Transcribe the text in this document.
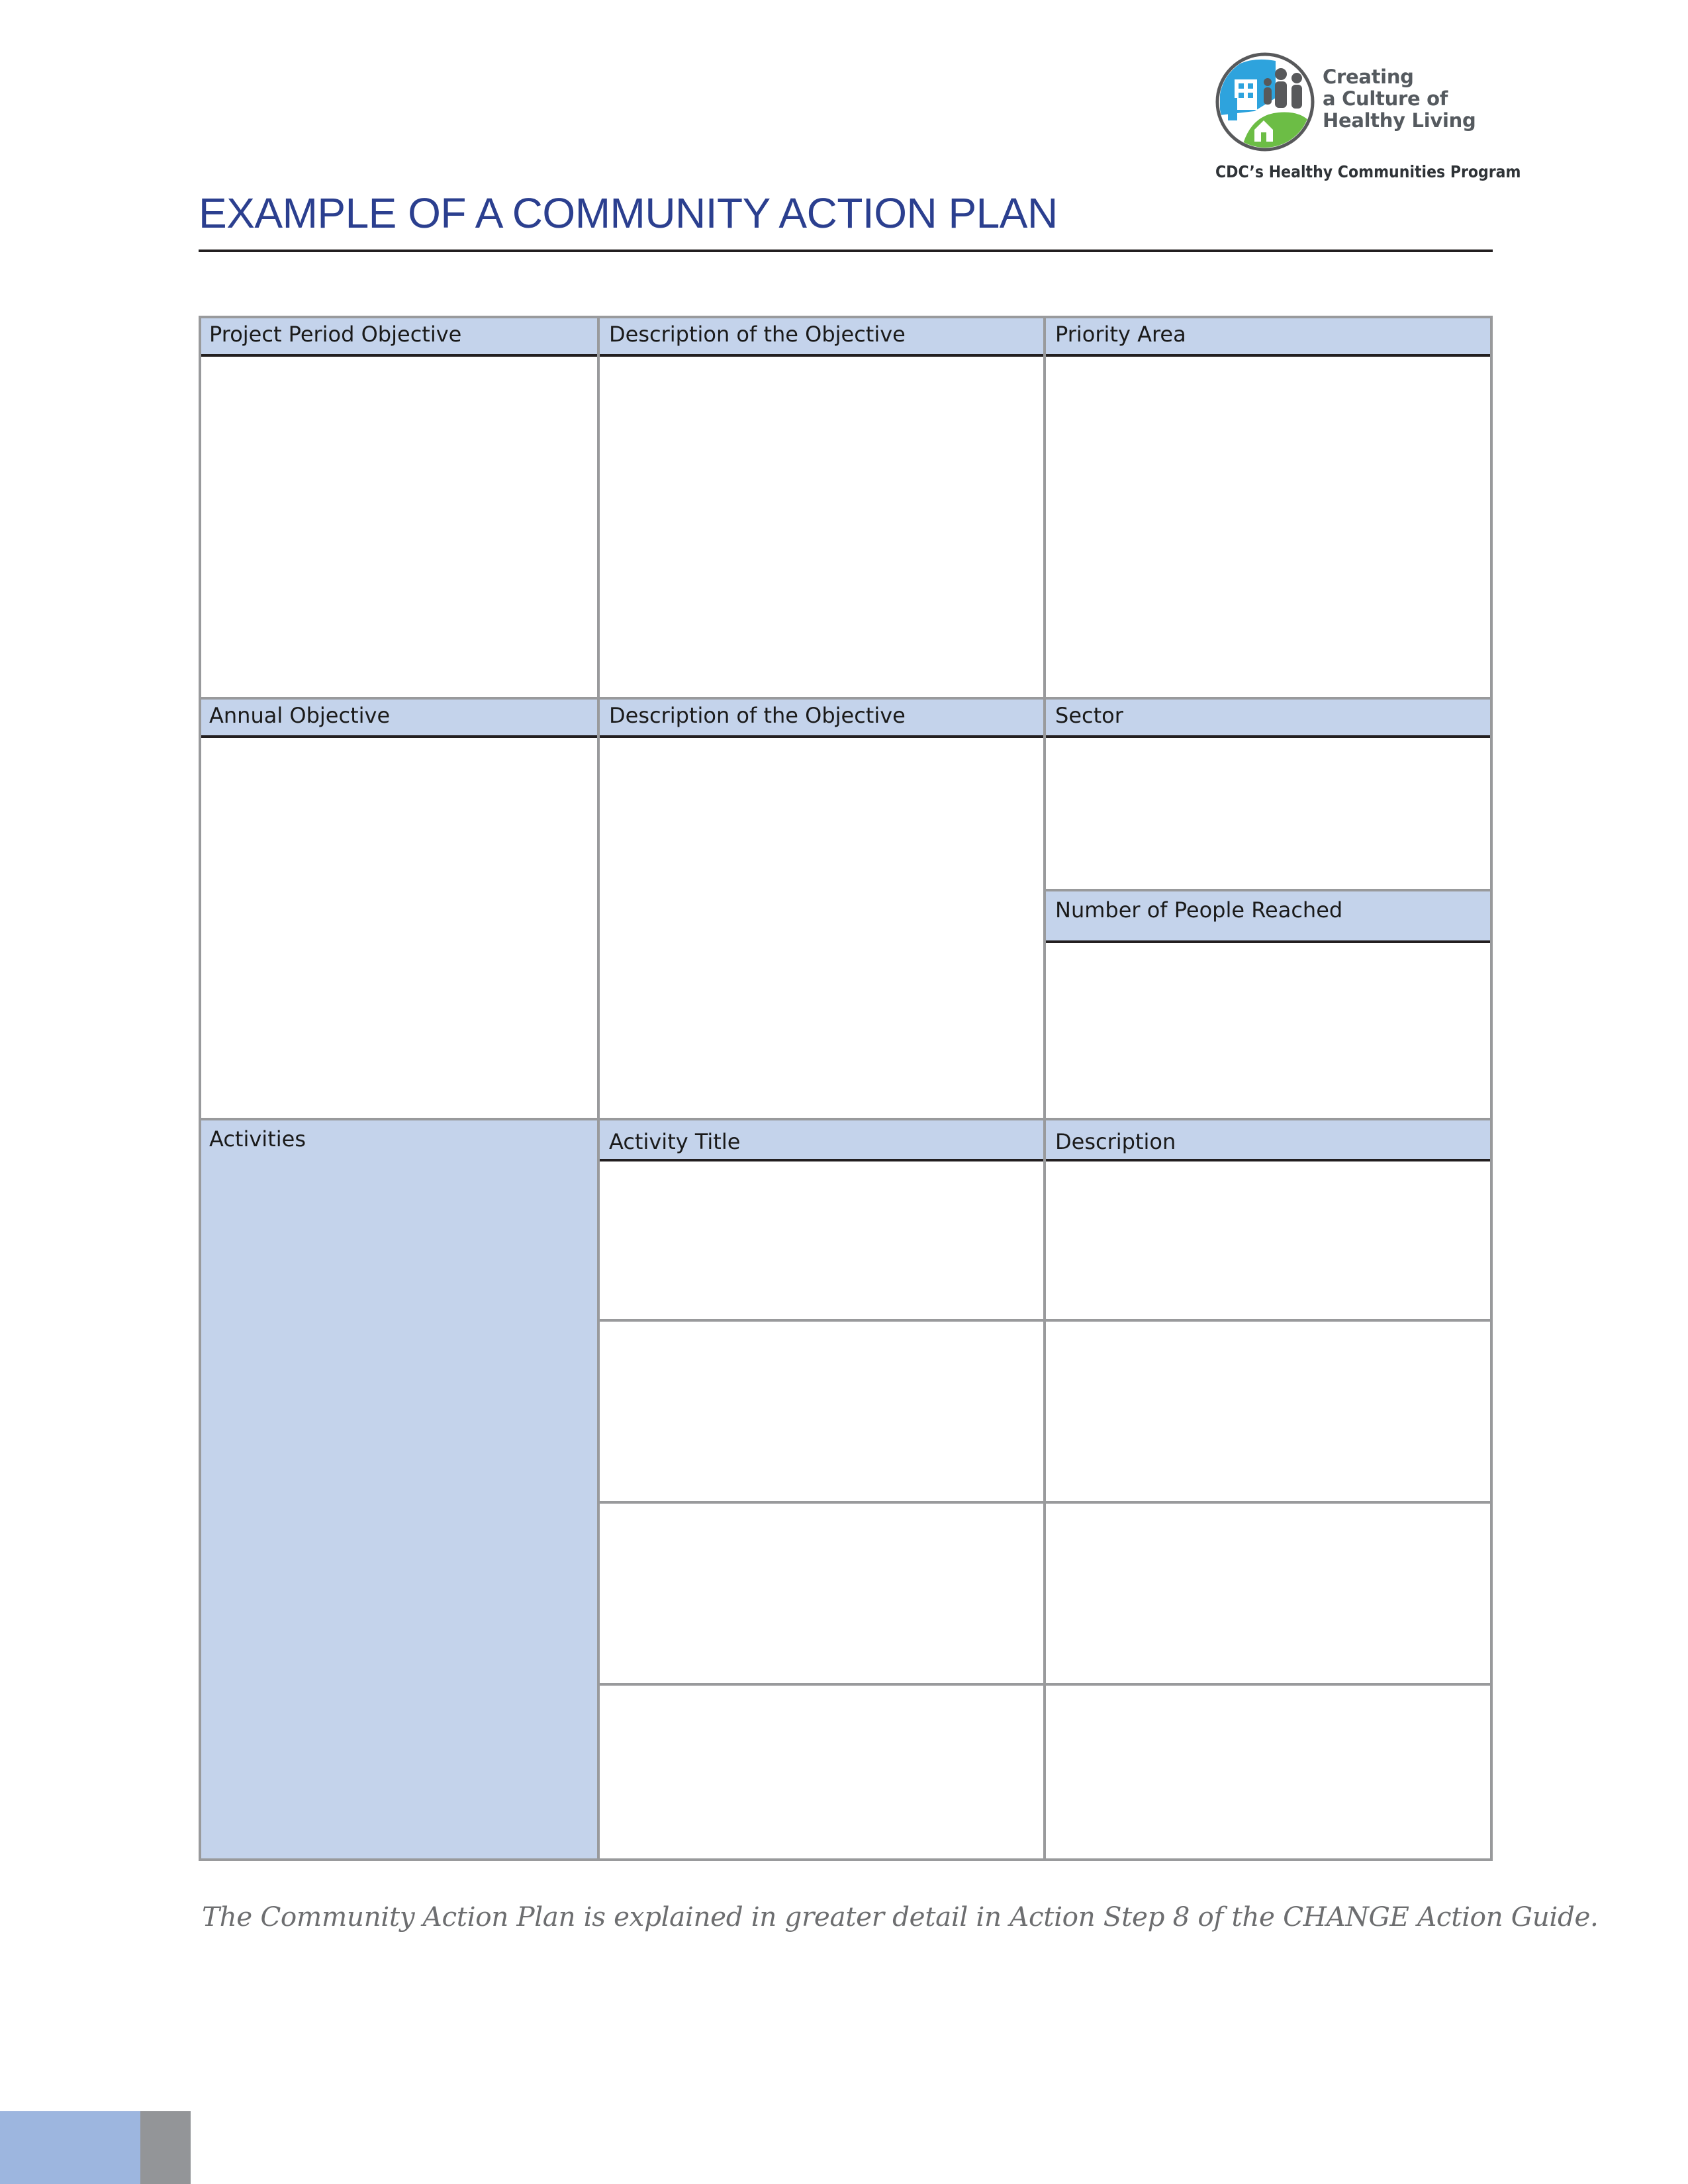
Creating
a Culture of
Healthy Living
CDC’s Healthy Communities Program
EXAMPLE OF A COMMUNITY ACTION PLAN
Project Period Objective	Description of the Objective	Priority Area
Annual Objective	Description of the Objective	Sector
Number of People Reached
Activities	Activity Title	Description
The Community Action Plan is explained in greater detail in Action Step 8 of the CHANGE Action Guide.
